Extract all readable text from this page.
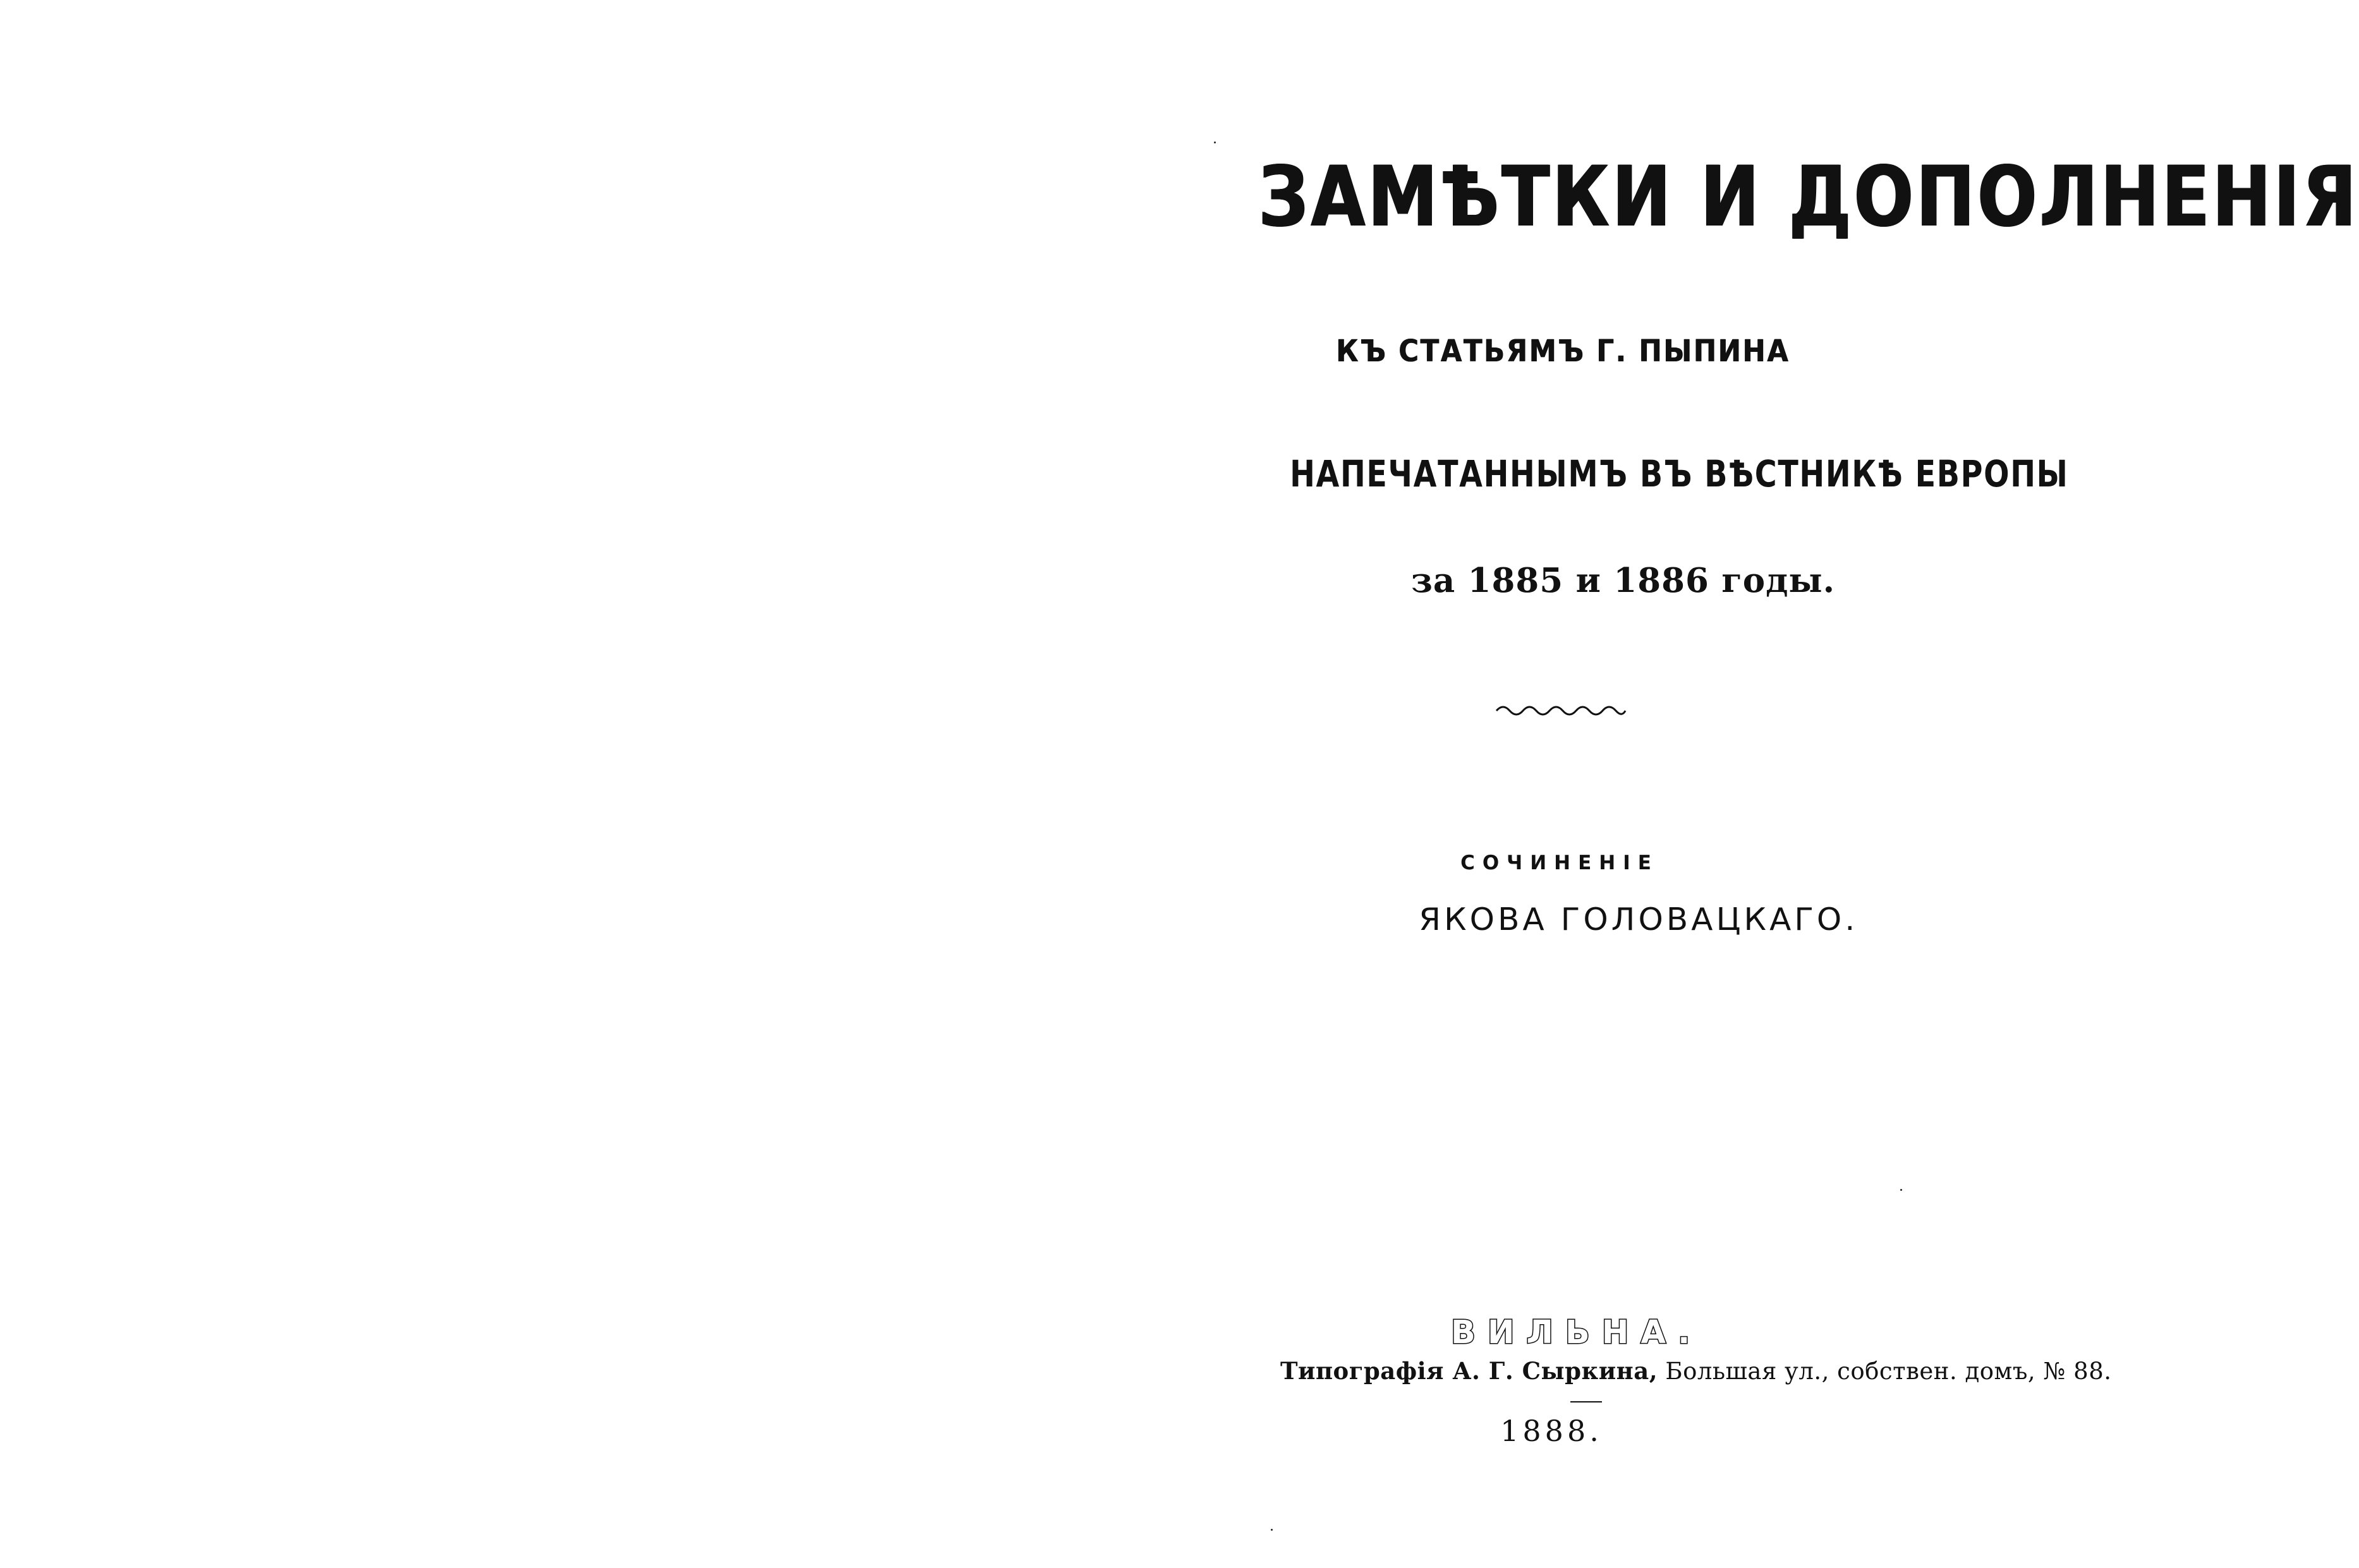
ЗАМѢТКИ И ДОПОЛНЕНІЯ
КЪ СТАТЬЯМЪ Г. ПЫПИНА
НАПЕЧАТАННЫМЪ ВЪ ВѢСТНИКѢ ЕВРОПЫ
за 1885 и 1886 годы.
СОЧИНЕНІЕ
ЯКОВА ГОЛОВАЦКАГО.
ВИЛЬНА.
Типографія А. Г. Сыркина, Большая ул., собствен. домъ, № 88.
1888.
